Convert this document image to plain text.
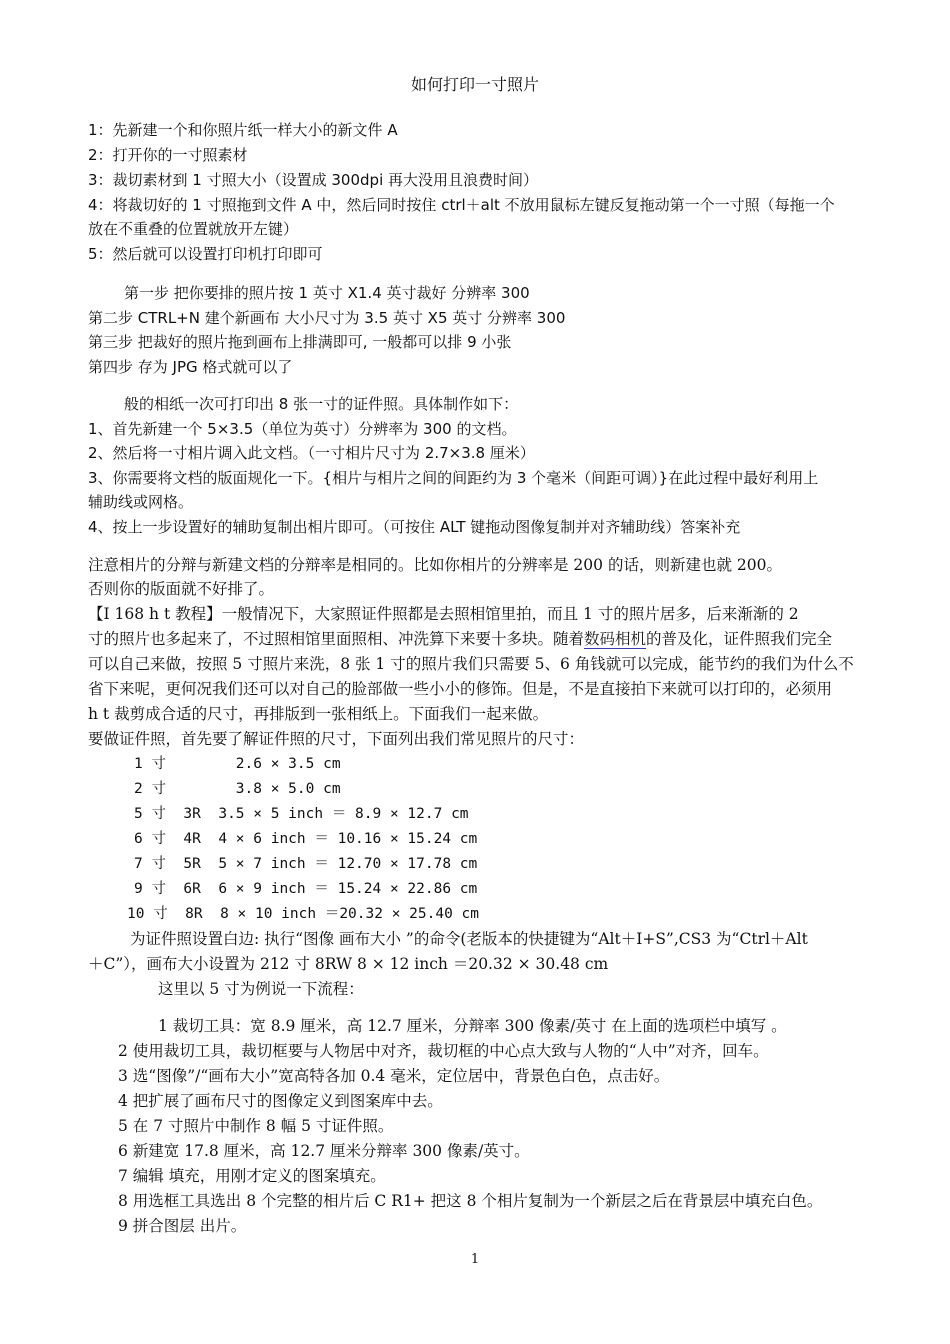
如何打印一寸照片
1：先新建一个和你照片纸一样大小的新文件 A
2：打开你的一寸照素材
3：裁切素材到 1 寸照大小（设置成 300dpi 再大没用且浪费时间）
4：将裁切好的 1 寸照拖到文件 A 中，然后同时按住 ctrl＋alt 不放用鼠标左键反复拖动第一个一寸照（每拖一个
放在不重叠的位置就放开左键）
5：然后就可以设置打印机打印即可
第一步 把你要排的照片按 1 英寸 X1.4 英寸裁好 分辨率 300
第二步 CTRL+N 建个新画布 大小尺寸为 3.5 英寸 X5 英寸 分辨率 300
第三步 把裁好的照片拖到画布上排满即可, 一般都可以排 9 小张
第四步 存为 JPG 格式就可以了
般的相纸一次可打印出 8 张一寸的证件照。具体制作如下：
1、首先新建一个 5×3.5（单位为英寸）分辨率为 300 的文档。
2、然后将一寸相片调入此文档。（一寸相片尺寸为 2.7×3.8 厘米）
3、你需要将文档的版面规化一下。{相片与相片之间的间距约为 3 个毫米（间距可调）}在此过程中最好利用上
辅助线或网格。
4、按上一步设置好的辅助复制出相片即可。（可按住 ALT 键拖动图像复制并对齐辅助线）答案补充
注意相片的分辩与新建文档的分辩率是相同的。比如你相片的分辨率是 200 的话，则新建也就 200。
否则你的版面就不好排了。
【I 168 h t 教程】一般情况下，大家照证件照都是去照相馆里拍，而且 1 寸的照片居多，后来渐渐的 2
寸的照片也多起来了，不过照相馆里面照相、冲洗算下来要十多块。随着数码相机的普及化，证件照我们完全
可以自己来做，按照 5 寸照片来洗，8 张 1 寸的照片我们只需要 5、6 角钱就可以完成，能节约的我们为什么不
省下来呢，更何况我们还可以对自己的脸部做一些小小的修饰。但是，不是直接拍下来就可以打印的，必须用
h t 裁剪成合适的尺寸，再排版到一张相纸上。下面我们一起来做。
要做证件照，首先要了解证件照的尺寸，下面列出我们常见照片的尺寸：
1 寸        2.6 × 3.5 cm
2 寸        3.8 × 5.0 cm
5 寸  3R  3.5 × 5 inch ＝ 8.9 × 12.7 cm
6 寸  4R  4 × 6 inch ＝ 10.16 × 15.24 cm
7 寸  5R  5 × 7 inch ＝ 12.70 × 17.78 cm
9 寸  6R  6 × 9 inch ＝ 15.24 × 22.86 cm
10 寸  8R  8 × 10 inch ＝20.32 × 25.40 cm
为证件照设置白边: 执行“图像 画布大小 ”的命令(老版本的快捷键为“Alt＋I+S”,CS3 为“Ctrl＋Alt
＋C”），画布大小设置为 212 寸 8RW 8 × 12 inch ＝20.32 × 30.48 cm
这里以 5 寸为例说一下流程：
1 裁切工具：宽 8.9 厘米，高 12.7 厘米，分辩率 300 像素/英寸 在上面的选项栏中填写 。
2 使用裁切工具，裁切框要与人物居中对齐，裁切框的中心点大致与人物的“人中”对齐，回车。
3 选“图像”/“画布大小”宽高特各加 0.4 毫米，定位居中，背景色白色，点击好。
4 把扩展了画布尺寸的图像定义到图案库中去。
5 在 7 寸照片中制作 8 幅 5 寸证件照。
6 新建宽 17.8 厘米，高 12.7 厘米分辩率 300 像素/英寸。
7 编辑 填充，用刚才定义的图案填充。
8 用选框工具选出 8 个完整的相片后 C R1+ 把这 8 个相片复制为一个新层之后在背景层中填充白色。
9 拼合图层 出片。
1
